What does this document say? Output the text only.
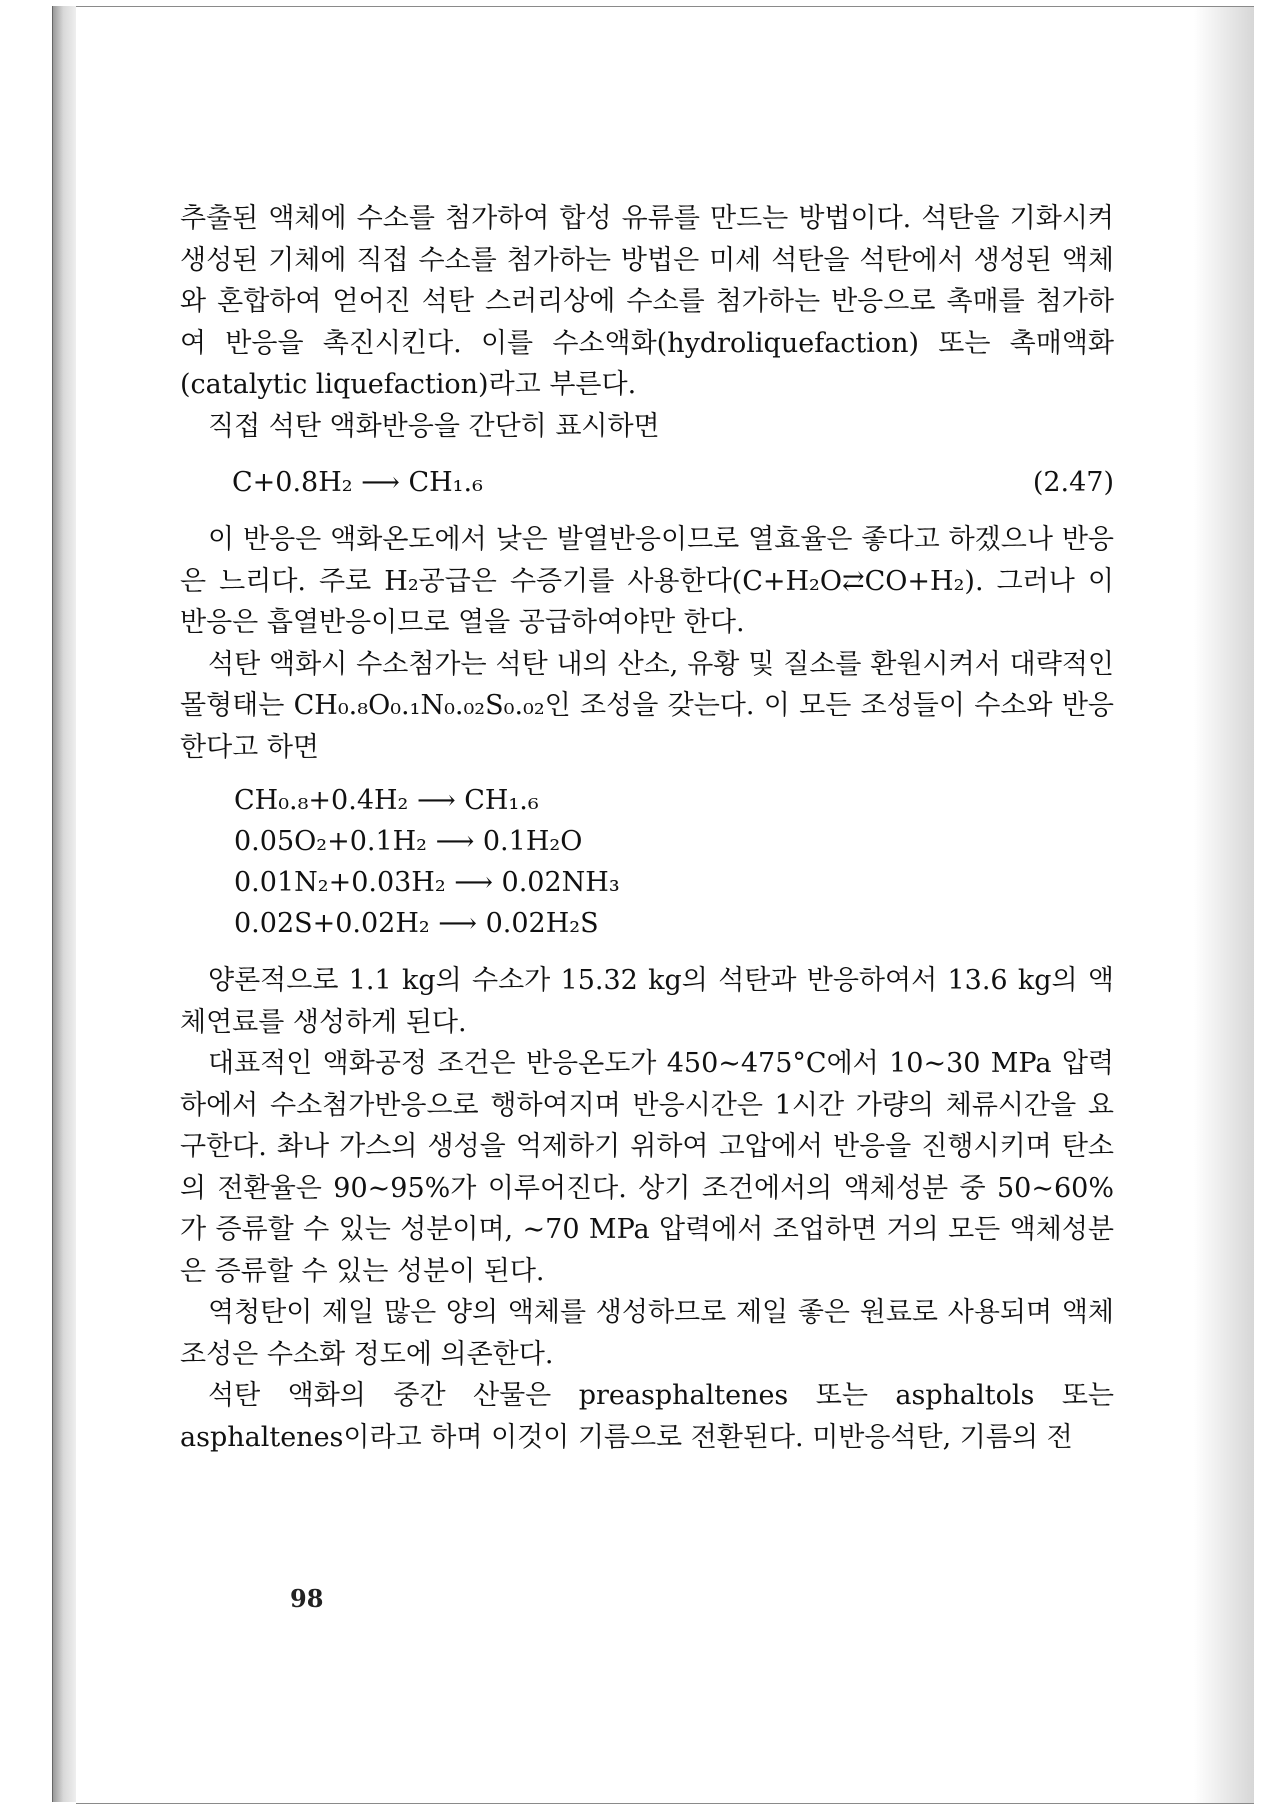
추출된 액체에 수소를 첨가하여 합성 유류를 만드는 방법이다. 석탄을 기화시켜 생성된 기체에 직접 수소를 첨가하는 방법은 미세 석탄을 석탄에서 생성된 액체와 혼합하여 얻어진 석탄 스러리상에 수소를 첨가하는 반응으로 촉매를 첨가하여 반응을 촉진시킨다. 이를 수소액화(hydroliquefaction) 또는 촉매액화(catalytic liquefaction)라고 부른다.

직접 석탄 액화반응을 간단히 표시하면

C+0.8H₂ ⟶ CH₁.₆	(2.47)

이 반응은 액화온도에서 낮은 발열반응이므로 열효율은 좋다고 하겠으나 반응은 느리다. 주로 H₂공급은 수증기를 사용한다(C+H₂O⇄CO+H₂). 그러나 이 반응은 흡열반응이므로 열을 공급하여야만 한다.

석탄 액화시 수소첨가는 석탄 내의 산소, 유황 및 질소를 환원시켜서 대략적인 몰형태는 CH₀.₈O₀.₁N₀.₀₂S₀.₀₂인 조성을 갖는다. 이 모든 조성들이 수소와 반응한다고 하면

CH₀.₈+0.4H₂ ⟶ CH₁.₆
0.05O₂+0.1H₂ ⟶ 0.1H₂O
0.01N₂+0.03H₂ ⟶ 0.02NH₃
0.02S+0.02H₂ ⟶ 0.02H₂S

양론적으로 1.1 kg의 수소가 15.32 kg의 석탄과 반응하여서 13.6 kg의 액체연료를 생성하게 된다.

대표적인 액화공정 조건은 반응온도가 450∼475°C에서 10∼30 MPa 압력하에서 수소첨가반응으로 행하여지며 반응시간은 1시간 가량의 체류시간을 요구한다. 촤나 가스의 생성을 억제하기 위하여 고압에서 반응을 진행시키며 탄소의 전환율은 90∼95%가 이루어진다. 상기 조건에서의 액체성분 중 50∼60%가 증류할 수 있는 성분이며, ∼70 MPa 압력에서 조업하면 거의 모든 액체성분은 증류할 수 있는 성분이 된다.

역청탄이 제일 많은 양의 액체를 생성하므로 제일 좋은 원료로 사용되며 액체 조성은 수소화 정도에 의존한다.

석탄 액화의 중간 산물은 preasphaltenes 또는 asphaltols 또는 asphaltenes이라고 하며 이것이 기름으로 전환된다. 미반응석탄, 기름의 전

98
